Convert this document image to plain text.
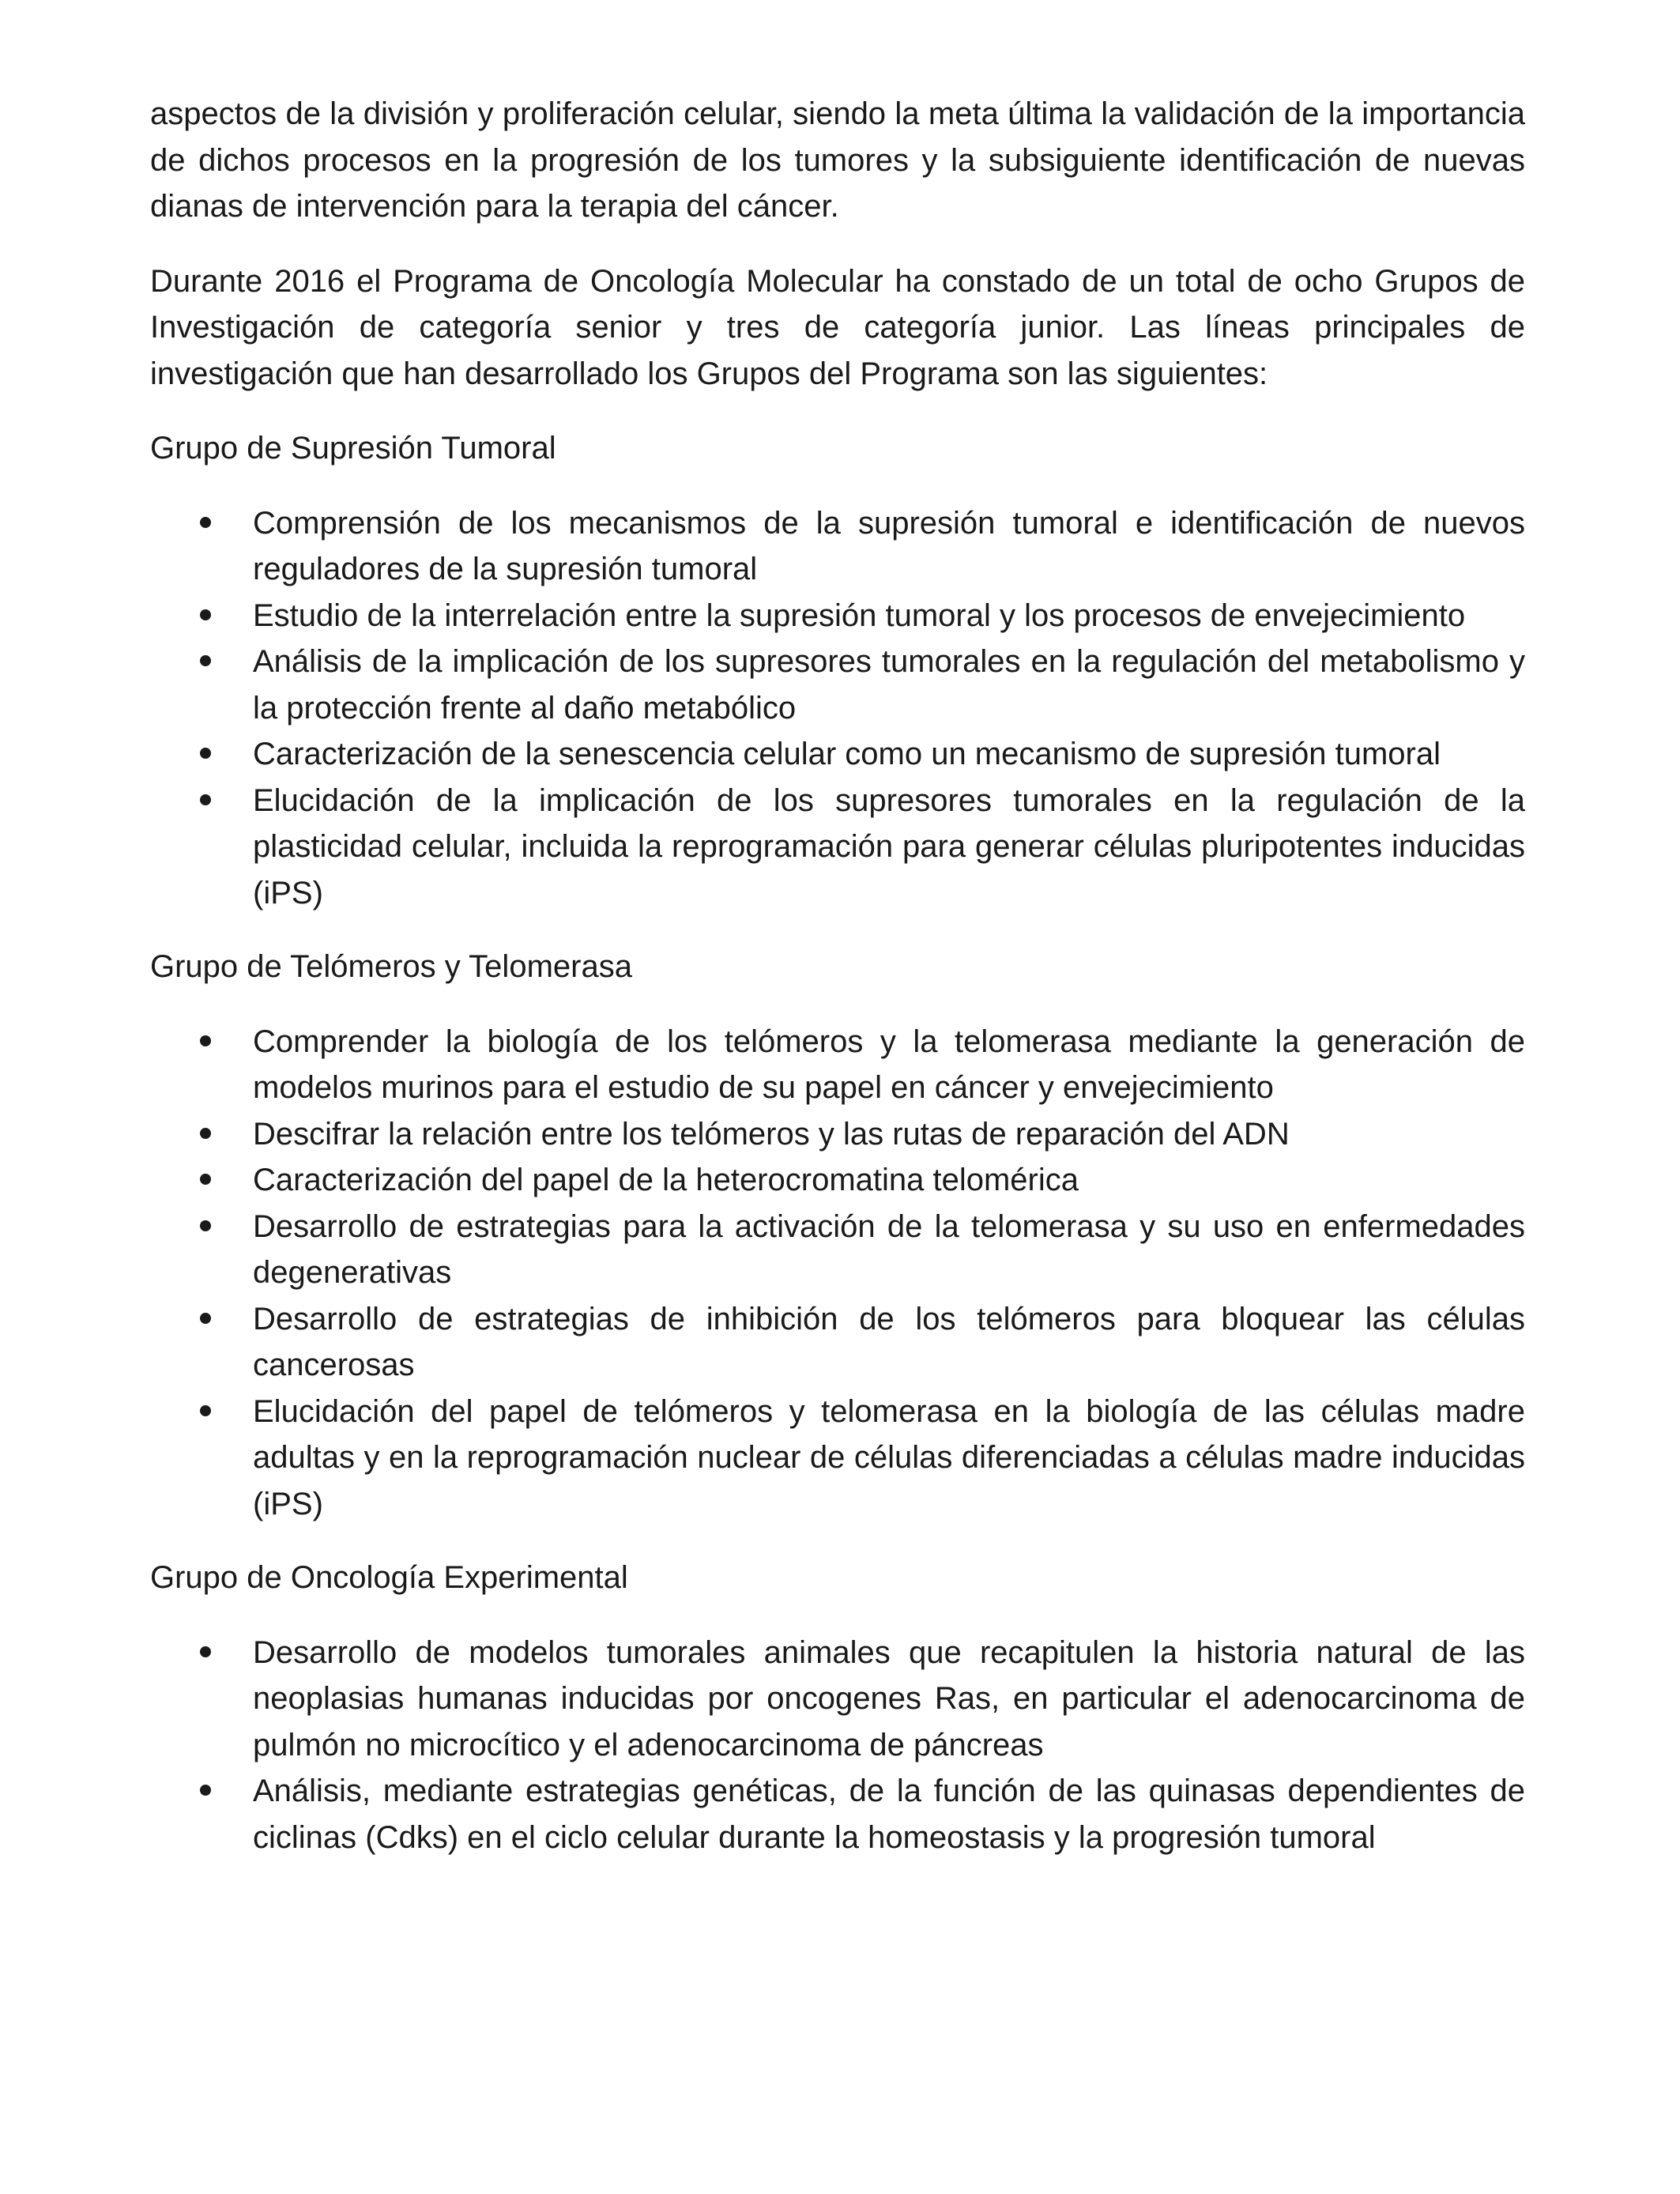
aspectos de la división y proliferación celular, siendo la meta última la validación de la importancia de dichos procesos en la progresión de los tumores y la subsiguiente identificación de nuevas dianas de intervención para la terapia del cáncer.

Durante 2016 el Programa de Oncología Molecular ha constado de un total de ocho Grupos de Investigación de categoría senior y tres de categoría junior. Las líneas principales de investigación que han desarrollado los Grupos del Programa son las siguientes:

Grupo de Supresión Tumoral

Comprensión de los mecanismos de la supresión tumoral e identificación de nuevos reguladores de la supresión tumoral
Estudio de la interrelación entre la supresión tumoral y los procesos de envejecimiento
Análisis de la implicación de los supresores tumorales en la regulación del metabolismo y la protección frente al daño metabólico
Caracterización de la senescencia celular como un mecanismo de supresión tumoral
Elucidación de la implicación de los supresores tumorales en la regulación de la plasticidad celular, incluida la reprogramación para generar células pluripotentes inducidas (iPS)

Grupo de Telómeros y Telomerasa

Comprender la biología de los telómeros y la telomerasa mediante la generación de modelos murinos para el estudio de su papel en cáncer y envejecimiento
Descifrar la relación entre los telómeros y las rutas de reparación del ADN
Caracterización del papel de la heterocromatina telomérica
Desarrollo de estrategias para la activación de la telomerasa y su uso en enfermedades degenerativas
Desarrollo de estrategias de inhibición de los telómeros para bloquear las células cancerosas
Elucidación del papel de telómeros y telomerasa en la biología de las células madre adultas y en la reprogramación nuclear de células diferenciadas a células madre inducidas (iPS)

Grupo de Oncología Experimental

Desarrollo de modelos tumorales animales que recapitulen la historia natural de las neoplasias humanas inducidas por oncogenes Ras, en particular el adenocarcinoma de pulmón no microcítico y el adenocarcinoma de páncreas
Análisis, mediante estrategias genéticas, de la función de las quinasas dependientes de ciclinas (Cdks) en el ciclo celular durante la homeostasis y la progresión tumoral
